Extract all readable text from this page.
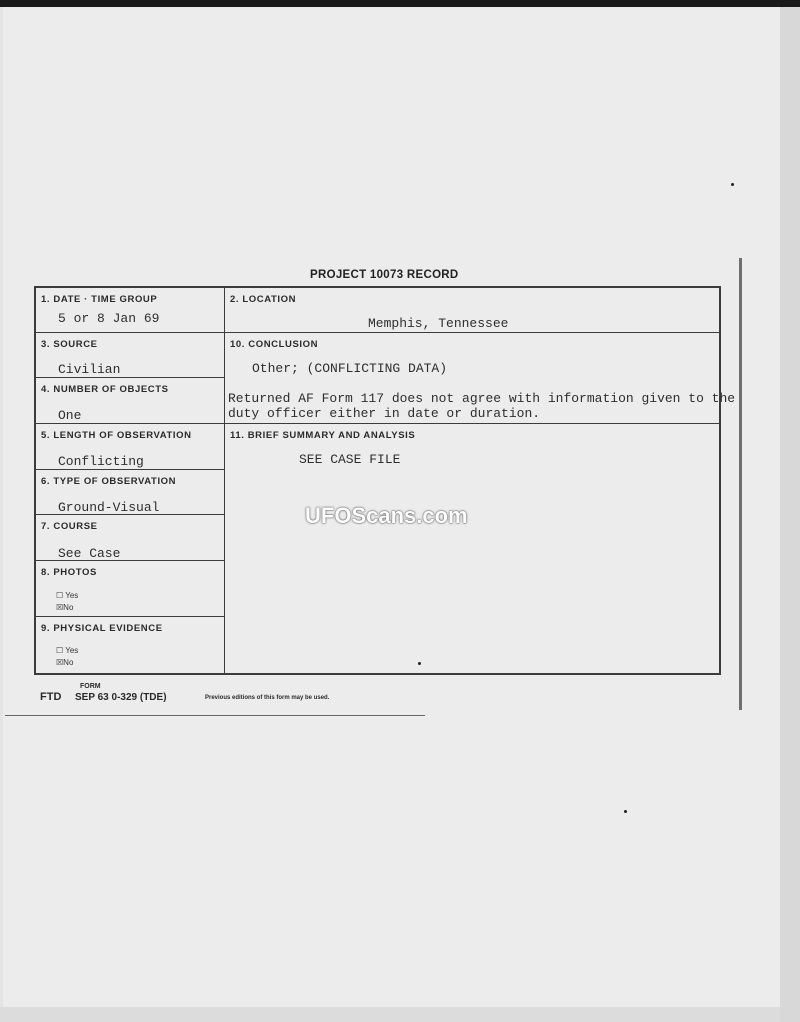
PROJECT 10073 RECORD
1. DATE · TIME GROUP
5 or 8 Jan 69
3. SOURCE
Civilian
4. NUMBER OF OBJECTS
One
5. LENGTH OF OBSERVATION
Conflicting
6. TYPE OF OBSERVATION
Ground-Visual
7. COURSE
See Case
8. PHOTOS
☐ Yes
☒No
9. PHYSICAL EVIDENCE
☐ Yes
☒No
2. LOCATION
Memphis, Tennessee
10. CONCLUSION
Other; (CONFLICTING DATA)
Returned AF Form 117 does not agree with information given to the
duty officer either in date or duration.
11. BRIEF SUMMARY AND ANALYSIS
SEE CASE FILE
UFOScans.com
FORM
FTD SEP 63 0-329 (TDE)	Previous editions of this form may be used.
